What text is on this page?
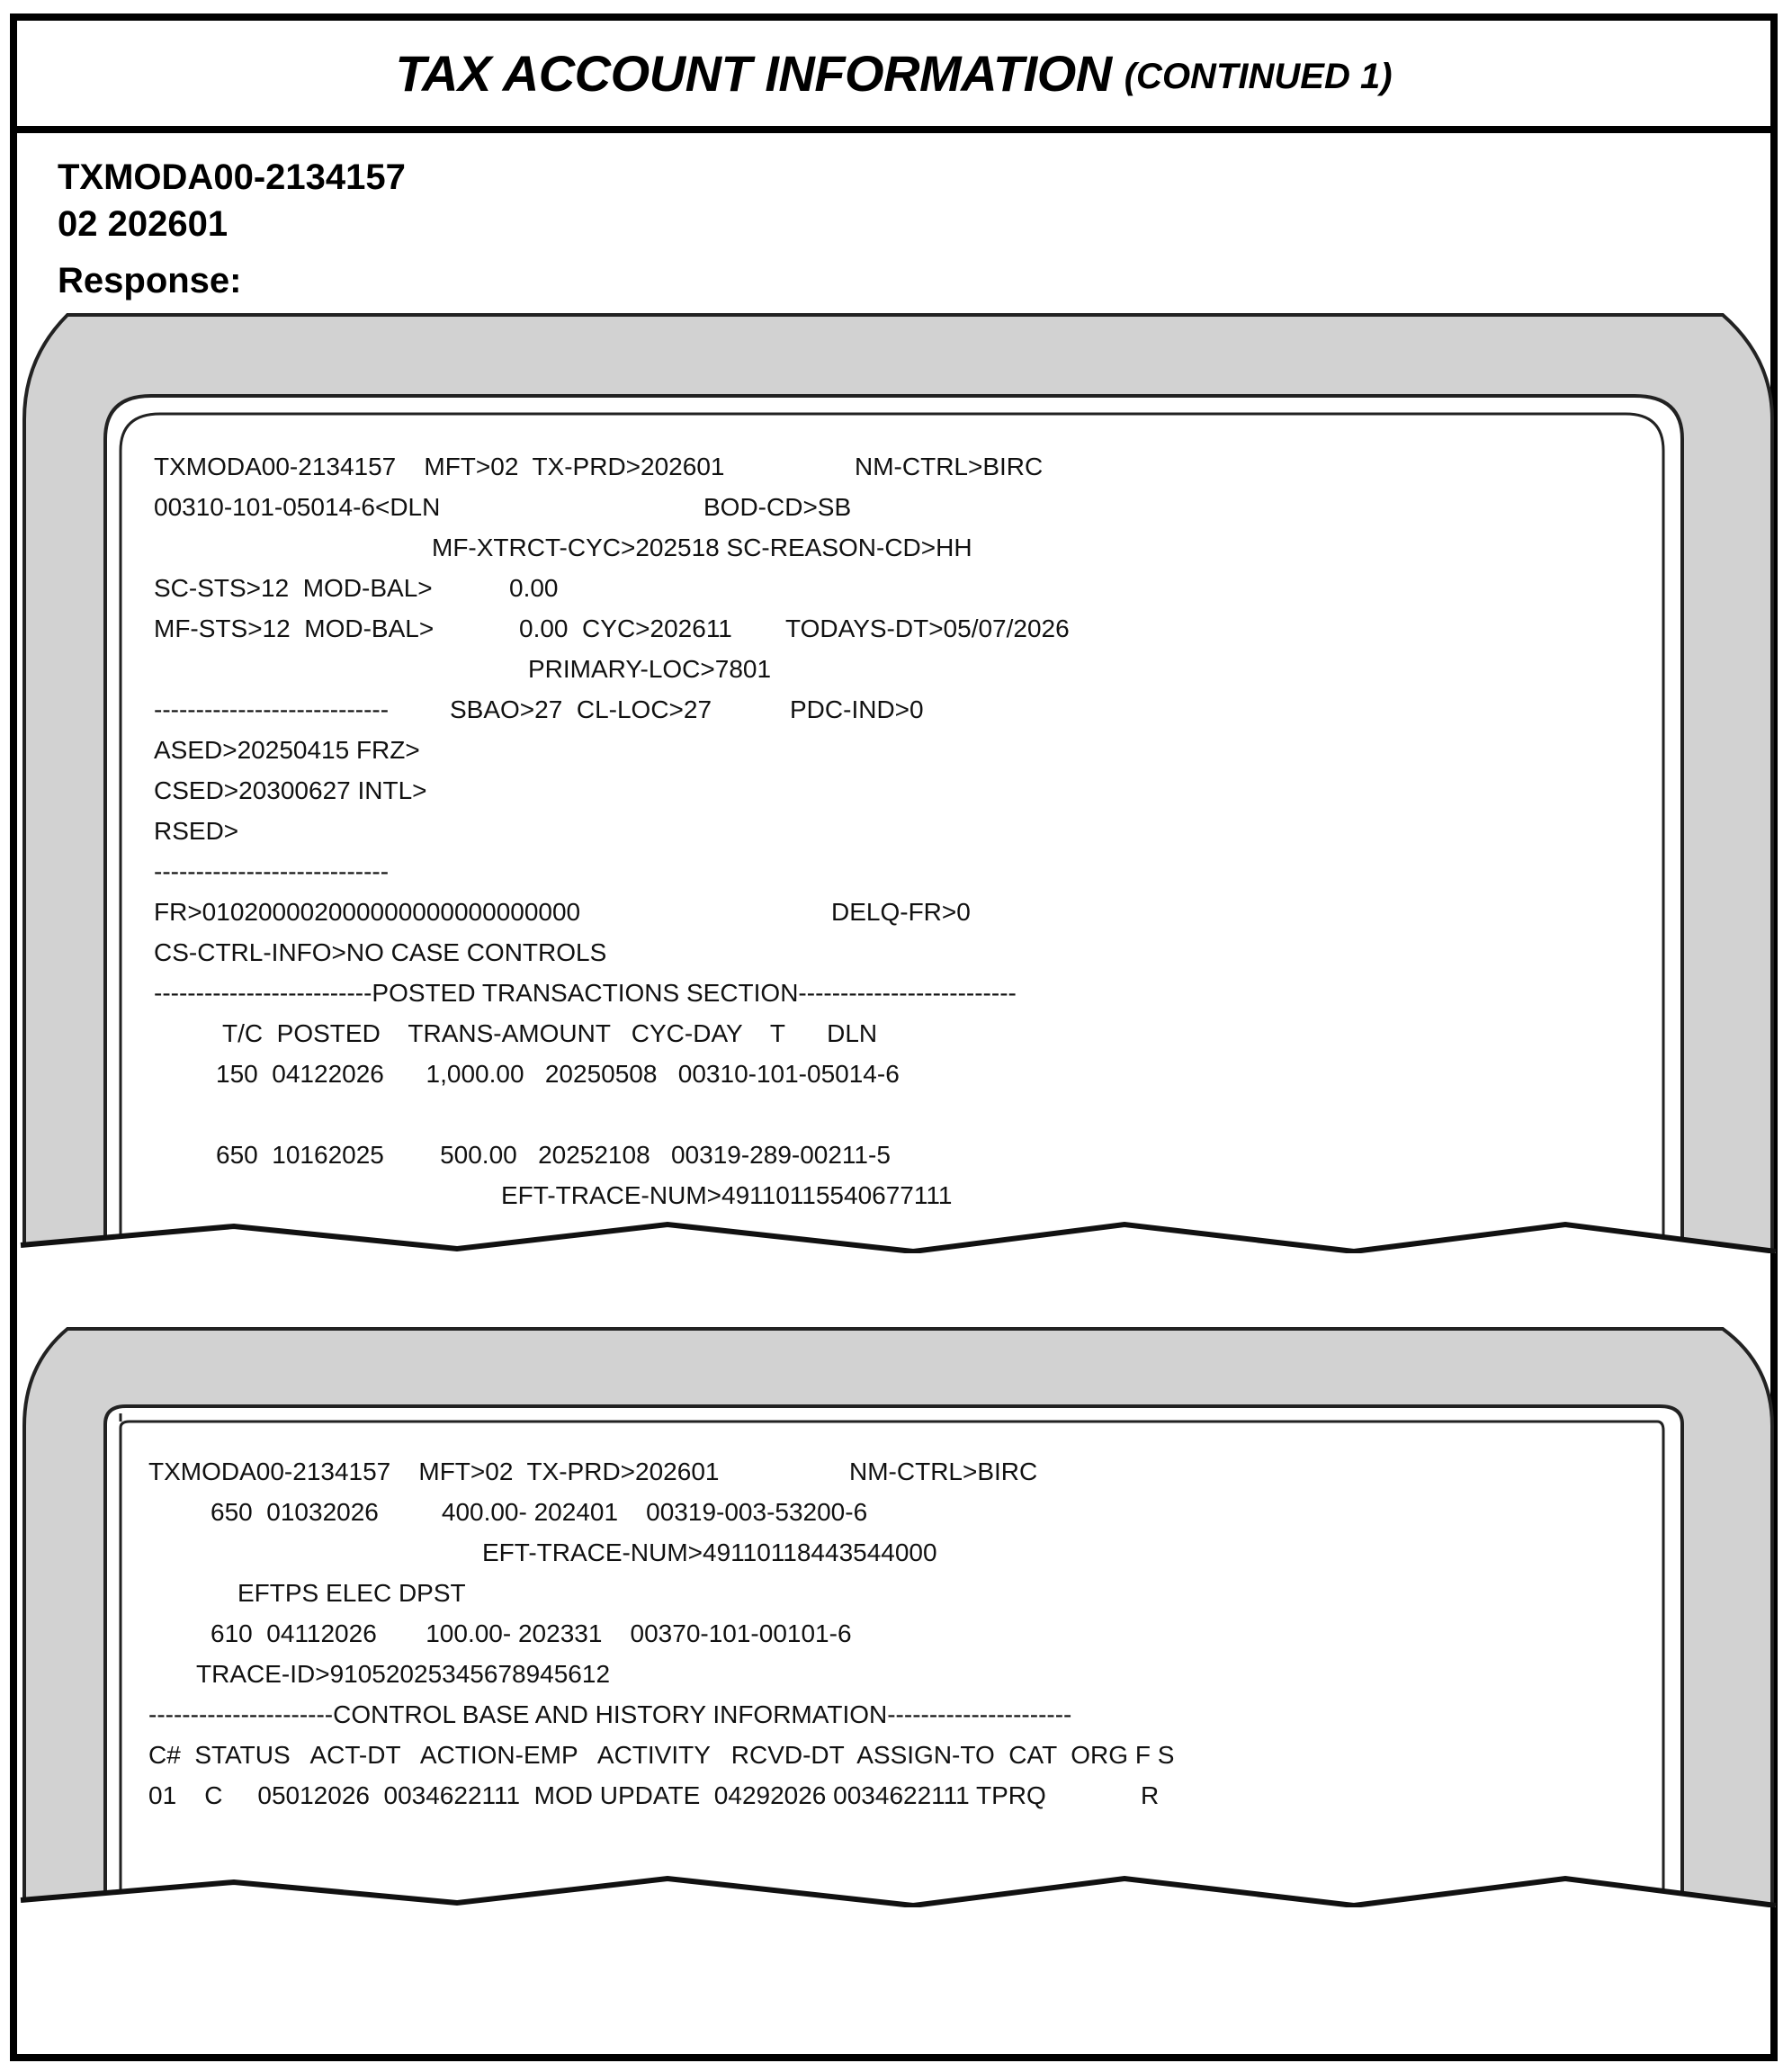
TAX ACCOUNT INFORMATION (CONTINUED 1)
TXMODA00-2134157
02 202601
Response:
TXMODA00-2134157    MFT>02  TX-PRD>202601	NM-CTRL>BIRC
00310-101-05014-6<DLN	BOD-CD>SB
MF-XTRCT-CYC>202518 SC-REASON-CD>HH
SC-STS>12  MOD-BAL>	0.00
MF-STS>12  MOD-BAL>	0.00  CYC>202611 TODAYS-DT>05/07/2026
PRIMARY-LOC>7801
---------------------------- SBAO>27  CL-LOC>27	PDC-IND>0
ASED>20250415 FRZ>
CSED>20300627 INTL>
RSED>
----------------------------
FR>010200002000000000000000000	DELQ-FR>0
CS-CTRL-INFO>NO CASE CONTROLS
--------------------------POSTED TRANSACTIONS SECTION--------------------------
T/C  POSTED    TRANS-AMOUNT   CYC-DAY    T      DLN
150  04122026      1,000.00   20250508   00310-101-05014-6
650  10162025        500.00   20252108   00319-289-00211-5
EFT-TRACE-NUM>49110115540677111
TXMODA00-2134157    MFT>02  TX-PRD>202601	NM-CTRL>BIRC
650  01032026         400.00- 202401    00319-003-53200-6
EFT-TRACE-NUM>49110118443544000
EFTPS ELEC DPST
610  04112026       100.00- 202331    00370-101-00101-6
TRACE-ID>91052025345678945612
----------------------CONTROL BASE AND HISTORY INFORMATION----------------------
C#  STATUS   ACT-DT   ACTION-EMP   ACTIVITY   RCVD-DT  ASSIGN-TO  CAT  ORG F S
01    C     05012026  0034622111  MOD UPDATE  04292026 0034622111 TPRQ	R
